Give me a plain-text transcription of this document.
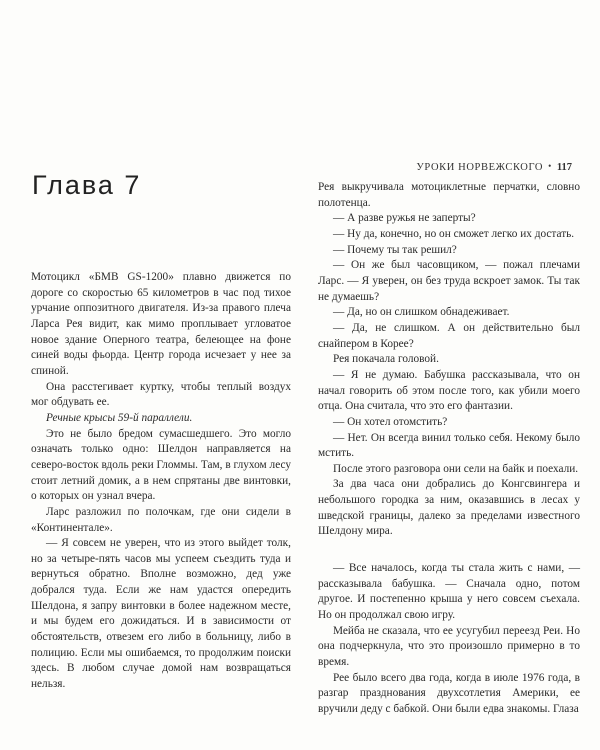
УРОКИ НОРВЕЖСКОГО • 117
Глава 7

Мотоцикл «БМВ GS-1200» плавно движется по дороге со скоростью 65 километров в час под тихое урчание оппозитного двигателя. Из-за правого плеча Ларса Рея видит, как мимо проплывает угловатое новое здание Оперного театра, белеющее на фоне синей воды фьорда. Центр города исчезает у нее за спиной.

Она расстегивает куртку, чтобы теплый воздух мог обдувать ее.

Речные крысы 59-й параллели.

Это не было бредом сумасшедшего. Это могло означать только одно: Шелдон направляется на северо-восток вдоль реки Гломмы. Там, в глухом лесу стоит летний домик, а в нем спрятаны две винтовки, о которых он узнал вчера.

Ларс разложил по полочкам, где они сидели в «Континентале».

— Я совсем не уверен, что из этого выйдет толк, но за четыре-пять часов мы успеем съездить туда и вернуться обратно. Вполне возможно, дед уже добрался туда. Если же нам удастся опередить Шелдона, я запру винтовки в более надежном месте, и мы будем его дожидаться. И в зависимости от обстоятельств, отвезем его либо в больницу, либо в полицию. Если мы ошибаемся, то продолжим поиски здесь. В любом случае домой нам возвращаться нельзя.

Рея выкручивала мотоциклетные перчатки, словно полотенца.

— А разве ружья не заперты?

— Ну да, конечно, но он сможет легко их достать.

— Почему ты так решил?

— Он же был часовщиком, — пожал плечами Ларс. — Я уверен, он без труда вскроет замок. Ты так не думаешь?

— Да, но он слишком обнадеживает.

— Да, не слишком. А он действительно был снайпером в Корее?

Рея покачала головой.

— Я не думаю. Бабушка рассказывала, что он начал говорить об этом после того, как убили моего отца. Она считала, что это его фантазии.

— Он хотел отомстить?

— Нет. Он всегда винил только себя. Некому было мстить.

После этого разговора они сели на байк и поехали.

За два часа они добрались до Конгсвингера и небольшого городка за ним, оказавшись в лесах у шведской границы, далеко за пределами известного Шелдону мира.

— Все началось, когда ты стала жить с нами, — рассказывала бабушка. — Сначала одно, потом другое. И постепенно крыша у него совсем съехала. Но он продолжал свою игру.

Мейба не сказала, что ее усугубил переезд Реи. Но она подчеркнула, что это произошло примерно в то время.

Рее было всего два года, когда в июле 1976 года, в разгар празднования двухсотлетия Америки, ее вручили деду с бабкой. Они были едва знакомы. Глаза
